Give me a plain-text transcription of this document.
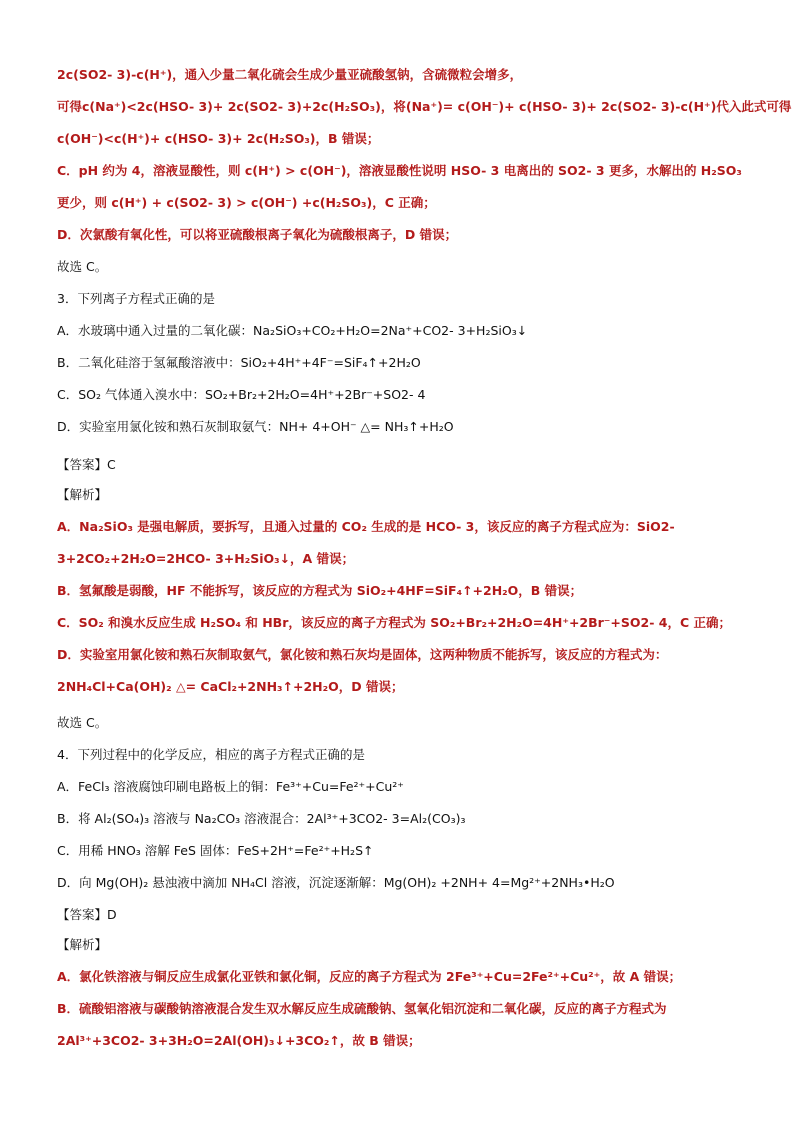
2c(SO2- 3)-c(H⁺)，通入少量二氧化硫会生成少量亚硫酸氢钠，含硫微粒会增多，
可得c(Na⁺)<2c(HSO- 3)+ 2c(SO2- 3)+2c(H₂SO₃)，将(Na⁺)= c(OH⁻)+ c(HSO- 3)+ 2c(SO2- 3)-c(H⁺)代入此式可得
c(OH⁻)<c(H⁺)+ c(HSO- 3)+ 2c(H₂SO₃)，B 错误；
C．pH 约为 4，溶液显酸性，则 c(H⁺) > c(OH⁻)，溶液显酸性说明 HSO- 3 电离出的 SO2- 3 更多，水解出的 H₂SO₃
更少，则 c(H⁺) + c(SO2- 3) > c(OH⁻) +c(H₂SO₃)，C 正确；
D．次氯酸有氧化性，可以将亚硫酸根离子氧化为硫酸根离子，D 错误；
故选 C。
3．下列离子方程式正确的是
A．水玻璃中通入过量的二氧化碳：Na₂SiO₃+CO₂+H₂O=2Na⁺+CO2- 3+H₂SiO₃↓
B．二氧化硅溶于氢氟酸溶液中：SiO₂+4H⁺+4F⁻=SiF₄↑+2H₂O
C．SO₂ 气体通入溴水中：SO₂+Br₂+2H₂O=4H⁺+2Br⁻+SO2- 4
D．实验室用氯化铵和熟石灰制取氨气：NH+ 4+OH⁻ △= NH₃↑+H₂O
【答案】C
【解析】
A．Na₂SiO₃ 是强电解质，要拆写，且通入过量的 CO₂ 生成的是 HCO- 3，该反应的离子方程式应为：SiO2-
3+2CO₂+2H₂O=2HCO- 3+H₂SiO₃↓，A 错误；
B．氢氟酸是弱酸，HF 不能拆写，该反应的方程式为 SiO₂+4HF=SiF₄↑+2H₂O，B 错误；
C．SO₂ 和溴水反应生成 H₂SO₄ 和 HBr，该反应的离子方程式为 SO₂+Br₂+2H₂O=4H⁺+2Br⁻+SO2- 4，C 正确；
D．实验室用氯化铵和熟石灰制取氨气，氯化铵和熟石灰均是固体，这两种物质不能拆写，该反应的方程式为：
2NH₄Cl+Ca(OH)₂ △= CaCl₂+2NH₃↑+2H₂O，D 错误；
故选 C。
4．下列过程中的化学反应，相应的离子方程式正确的是
A．FeCl₃ 溶液腐蚀印刷电路板上的铜：Fe³⁺+Cu=Fe²⁺+Cu²⁺
B．将 Al₂(SO₄)₃ 溶液与 Na₂CO₃ 溶液混合：2Al³⁺+3CO2- 3=Al₂(CO₃)₃
C．用稀 HNO₃ 溶解 FeS 固体：FeS+2H⁺=Fe²⁺+H₂S↑
D．向 Mg(OH)₂ 悬浊液中滴加 NH₄Cl 溶液，沉淀逐渐解：Mg(OH)₂ +2NH+ 4=Mg²⁺+2NH₃•H₂O
【答案】D
【解析】
A．氯化铁溶液与铜反应生成氯化亚铁和氯化铜，反应的离子方程式为 2Fe³⁺+Cu=2Fe²⁺+Cu²⁺，故 A 错误；
B．硫酸铝溶液与碳酸钠溶液混合发生双水解反应生成硫酸钠、氢氧化铝沉淀和二氧化碳，反应的离子方程式为
2Al³⁺+3CO2- 3+3H₂O=2Al(OH)₃↓+3CO₂↑，故 B 错误；
